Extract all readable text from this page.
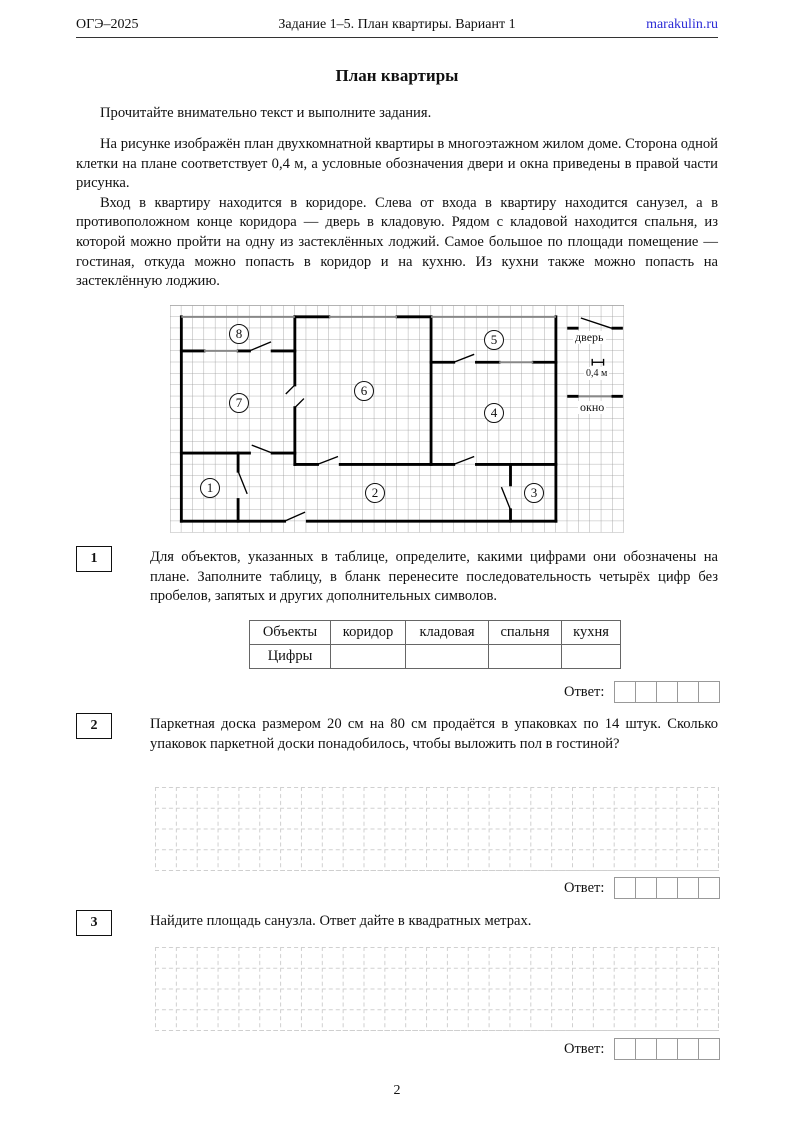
ОГЭ–2025	Задание 1–5. План квартиры. Вариант 1	marakulin.ru
План квартиры

Прочитайте внимательно текст и выполните задания.

На рисунке изображён план двухкомнатной квартиры в многоэтажном жилом доме. Сторона одной клетки на плане соответствует 0,4 м, а условные обозначения двери и окна приведены в правой части рисунка.

Вход в квартиру находится в коридоре. Слева от входа в квартиру находится санузел, а в противоположном конце коридора — дверь в кладовую. Рядом с кладовой находится спальня, из которой можно пройти на одну из застеклённых лоджий. Самое большое по площади помещение — гостиная, откуда можно попасть в коридор и на кухню. Из кухни также можно попасть на застеклённую лоджию.

8
7
6
5
4
1	2	3
дверь
0,4 м
окно
1	Для объектов, указанных в таблице, определите, какими цифрами они обозначены на плане. Заполните таблицу, в бланк перенесите последовательность четырёх цифр без пробелов, запятых и других дополнительных символов.
Объекты	коридор	кладовая	спальня	кухня
Цифры				
Ответ:
2	Паркетная доска размером 20 см на 80 см продаётся в упаковках по 14 штук. Сколько упаковок паркетной доски понадобилось, чтобы выложить пол в гостиной?
Ответ:
3	Найдите площадь санузла. Ответ дайте в квадратных метрах.
Ответ:
2
